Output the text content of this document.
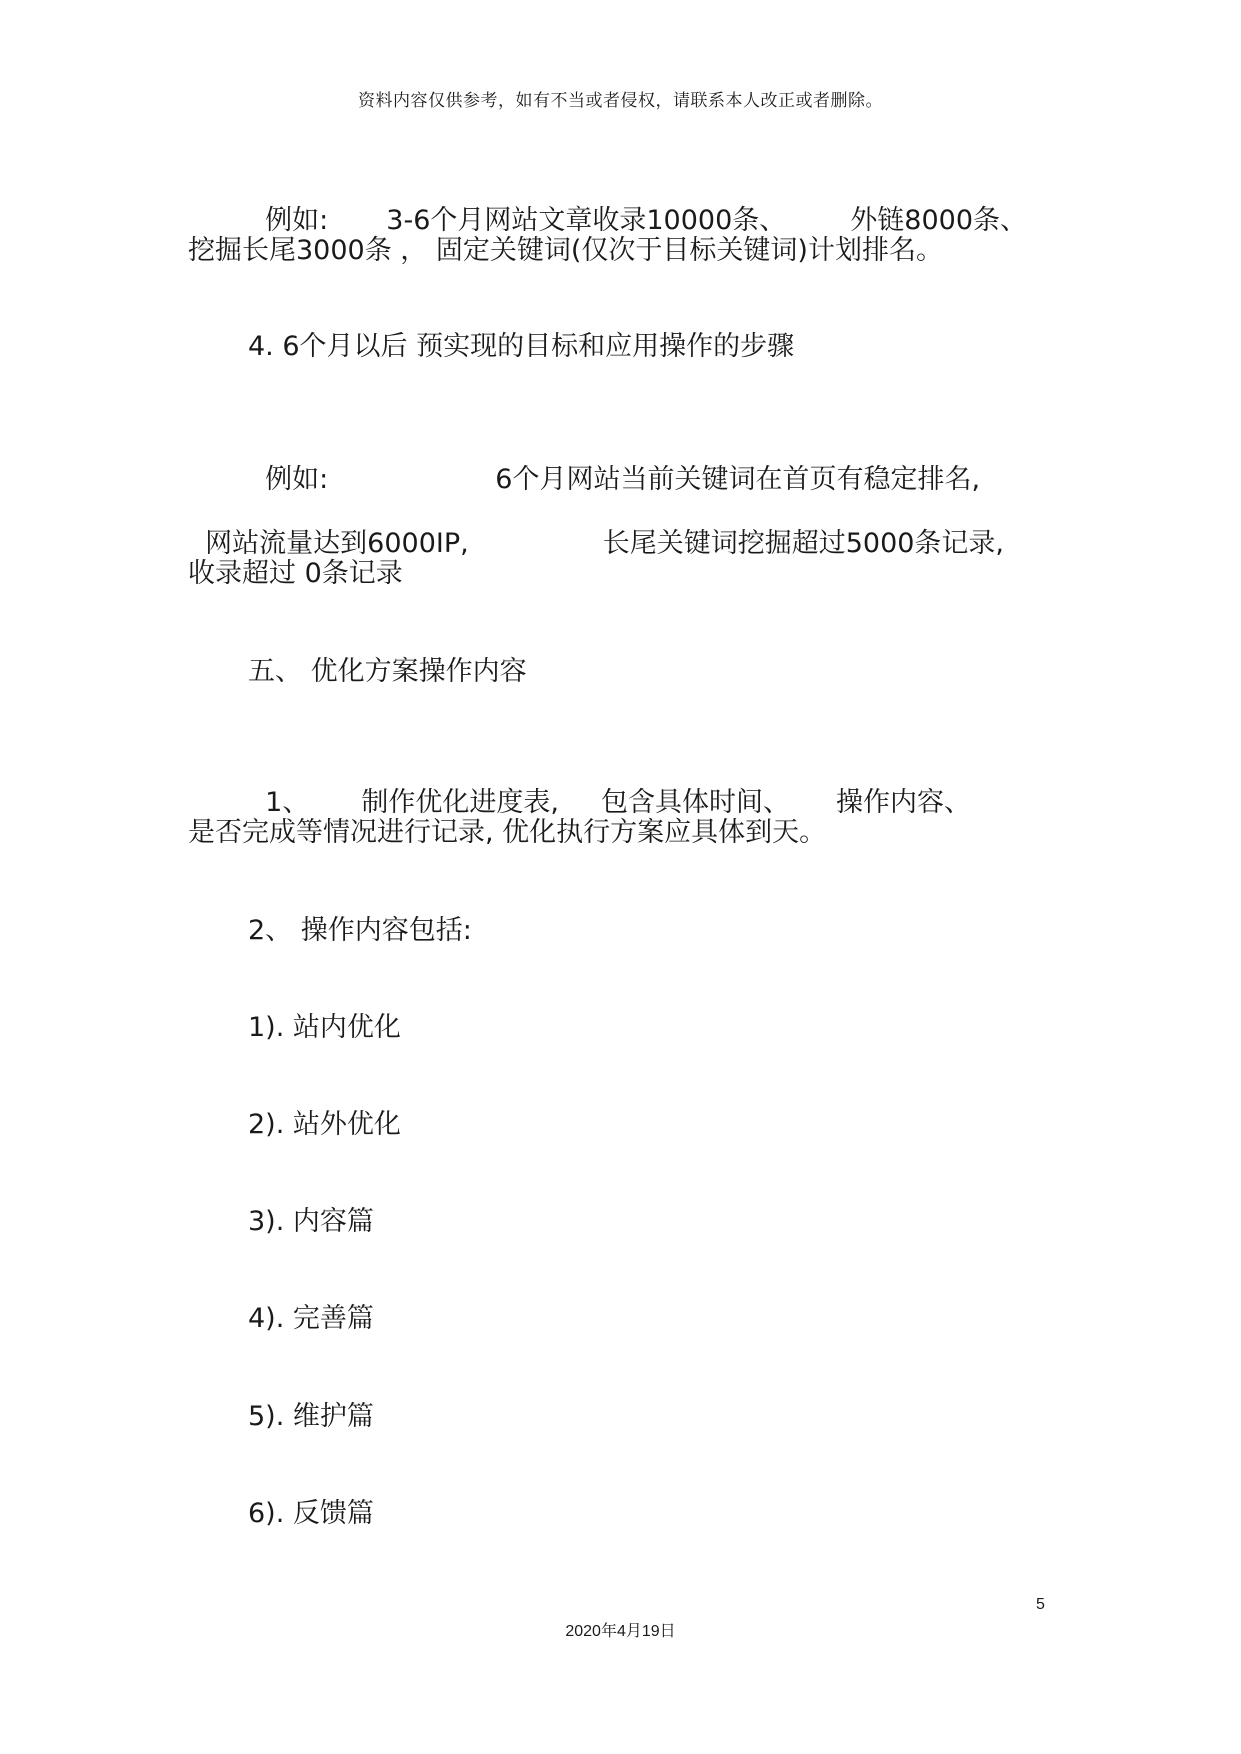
资料内容仅供参考，如有不当或者侵权，请联系本人改正或者删除。

例如: 3-6个月网站文章收录10000条、 外链8000条、

挖掘长尾3000条 ， 固定关键词(仅次于目标关键词)计划排名。
4. 6个月以后 预实现的目标和应用操作的步骤

例如:	6个月网站当前关键词在首页有稳定排名,

网站流量达到6000IP,	长尾关键词挖掘超过5000条记录,

收录超过 0条记录
五、 优化方案操作内容

1、 制作优化进度表, 包含具体时间、 操作内容、

是否完成等情况进行记录, 优化执行方案应具体到天。
2、 操作内容包括:
1). 站内优化
2). 站外优化
3). 内容篇
4). 完善篇
5). 维护篇
6). 反馈篇
5
2020年4月19日
